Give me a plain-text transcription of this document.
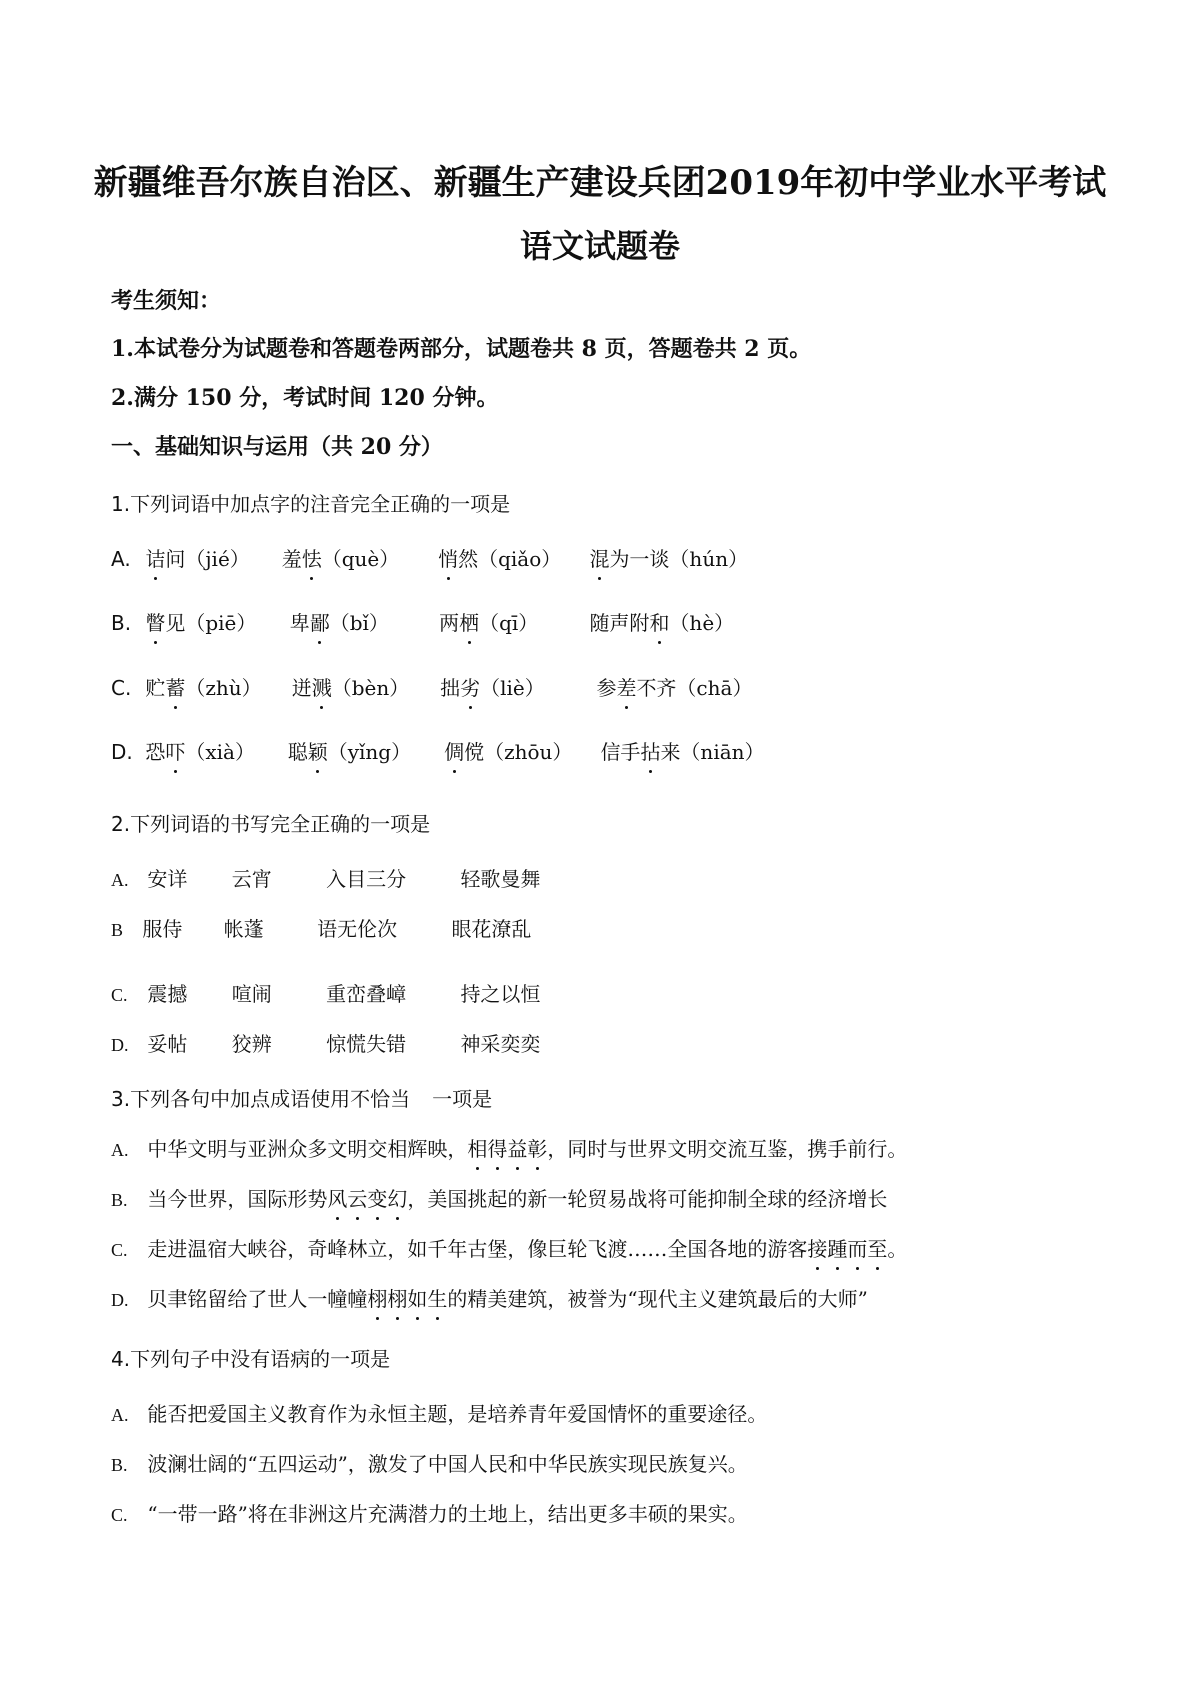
新疆维吾尔族自治区、新疆生产建设兵团2019年初中学业水平考试
语文试题卷
考生须知：
1.本试卷分为试题卷和答题卷两部分，试题卷共 8 页，答题卷共 2 页。
2.满分 150 分，考试时间 120 分钟。
一、基础知识与运用（共 20 分）
1.下列词语中加点字的注音完全正确的一项是
A. 诘问（jié） 羞怯（què） 悄然（qiǎo） 混为一谈（hún）
B. 瞥见（piē） 卑鄙（bǐ）	两栖（qī）	随声附和（hè）
C. 贮蓄（zhù） 迸溅（bèn） 拙劣（liè）	参差不齐（chā）
D. 恐吓（xià） 聪颖（yǐng） 倜傥（zhōu） 信手拈来（niān）
2.下列词语的书写完全正确的一项是
A. 安详 云宵	入目三分	轻歌曼舞
B 服侍 帐蓬	语无伦次	眼花潦乱
C. 震撼 喧闹	重峦叠嶂	持之以恒
D. 妥帖 狡辨	惊慌失错	神采奕奕
3.下列各句中加点成语使用不恰当 一项是
A. 中华文明与亚洲众多文明交相辉映，相得益彰，同时与世界文明交流互鉴，携手前行。
B. 当今世界，国际形势风云变幻，美国挑起的新一轮贸易战将可能抑制全球的经济增长
C. 走进温宿大峡谷，奇峰林立，如千年古堡，像巨轮飞渡……全国各地的游客接踵而至。
D. 贝聿铭留给了世人一幢幢栩栩如生的精美建筑，被誉为“现代主义建筑最后的大师”
4.下列句子中没有语病的一项是
A. 能否把爱国主义教育作为永恒主题，是培养青年爱国情怀的重要途径。
B. 波澜壮阔的“五四运动”，激发了中国人民和中华民族实现民族复兴。
C. “一带一路”将在非洲这片充满潜力的土地上，结出更多丰硕的果实。
